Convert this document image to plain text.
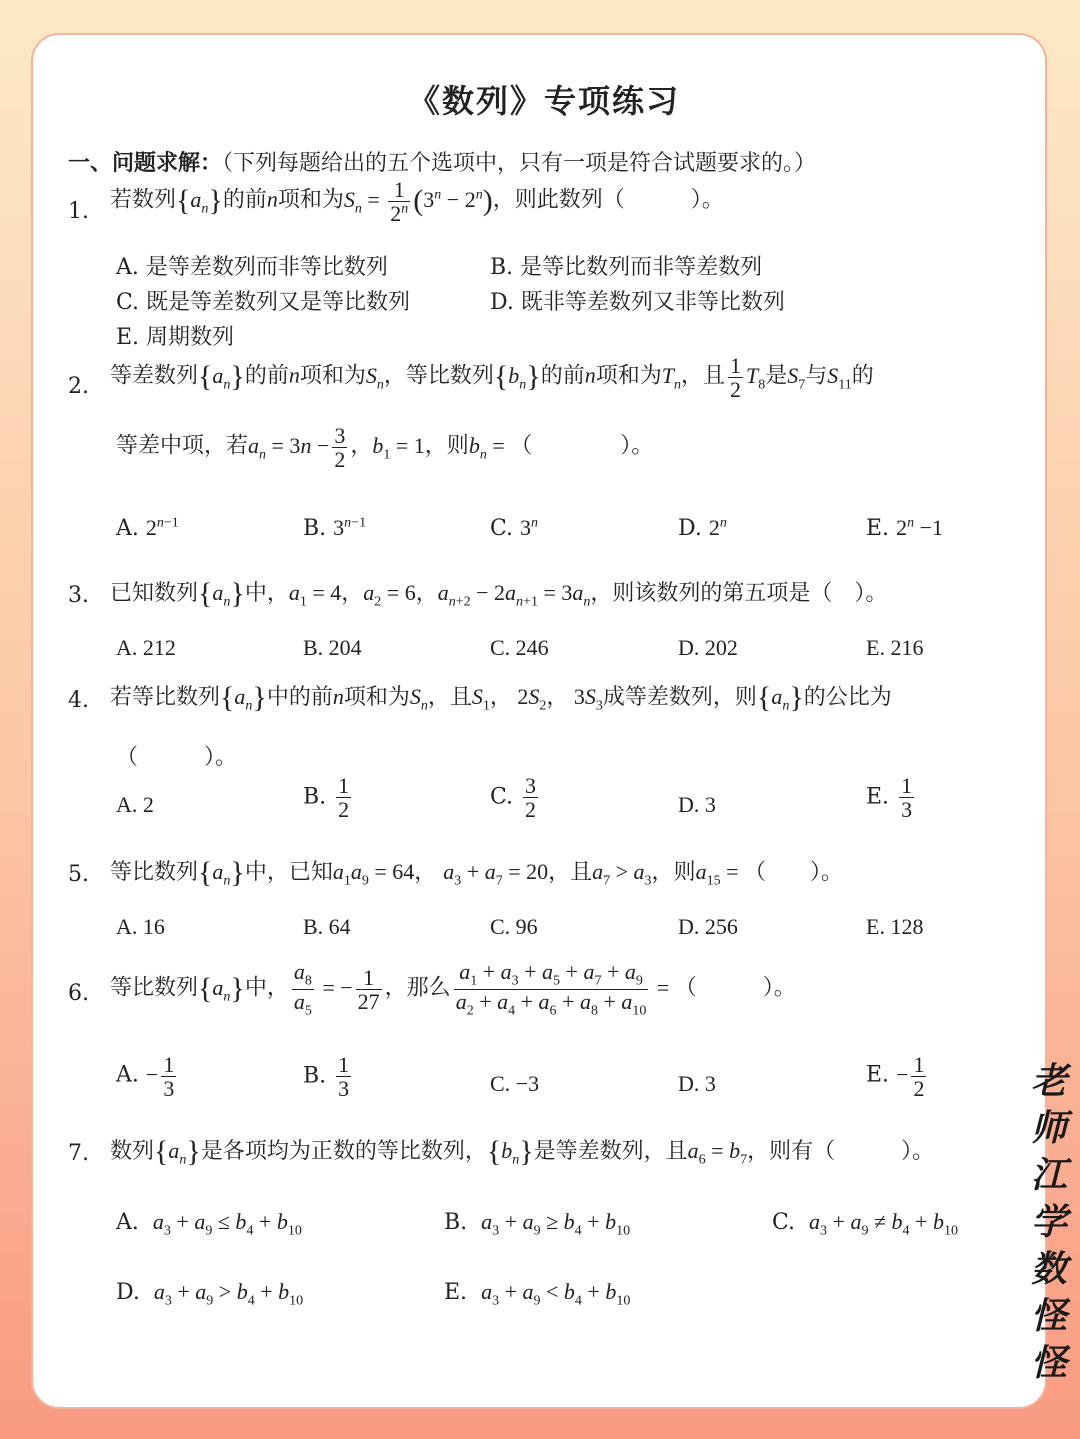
《数列》专项练习
一、问题求解：（下列每题给出的五个选项中，只有一项是符合试题要求的。）
1. 若数列$\{a_n\}$的前n项和为$S_n = \frac{1}{2^n} (3^n - 2^n)$，则此数列（　　　）。
A. 是等差数列而非等比数列	B. 是等比数列而非等差数列
C. 既是等差数列又是等比数列	D. 既非等差数列又非等比数列
E. 周期数列
2. 等差数列$\{a_n\}$的前n项和为$S_n$，等比数列$\{b_n\}$的前n项和为$T_n$，且 $\frac{1}{2} T_8$是$S_7$与$S_{11}$的
等差中项，若$a_n = 3n - \frac{3}{2}$ ，$b_1 = 1$，则$b_n$ = （　　　　）。
A. $2^{n-1}$	B. $3^{n-1}$	C. 3$^n$	D. 2$^n$	E. $2^n -1$
3. 已知数列$\{a_n\}$中，$a_1 = 4$，$a_2 = 6$，$a_{n+2} - 2a_{n+1} = 3a_n$，则该数列的第五项是（　）。
A. 212	B. 204	C. 246	D. 202	E. 216
4. 若等比数列$\{a_n\}$中的前n项和为$S_n$，且$S_1$， $2S_2$， $3S_3$成等差数列，则$\{a_n\}$的公比为
（　　　）。
A. 2	B. $\frac{1}{2}$	C. $\frac{3}{2}$	D. 3	E. $\frac{1}{3}$
5. 等比数列$\{a_n\}$中，已知$a_1a_9 = 64$， $a_3 + a_7 = 20$，且$a_7 > a_3$，则$a_{15}$ = （　　）。
A. 16	B. 64	C. 96	D. 256	E. 128
6. 等比数列$\{a_n\}$中， $\frac{a_8}{a_5}$ = − $\frac{1}{27}$ ，那么 $\frac{a_1 + a_3 + a_5 + a_7 + a_9}{a_2 + a_4 + a_6 + a_8 + a_{10}}$ = （　　　）。
A. − $\frac{1}{3}$	B. $\frac{1}{3}$	C. −3	D. 3	E. − $\frac{1}{2}$
7. 数列$\{a_n\}$是各项均为正数的等比数列，$\{b_n\}$是等差数列，且$a_6 = b_7$，则有（　　　）。
A. $a_3 + a_9 \le b_4 + b_{10}$	B. $a_3 + a_9 \ge b_4 + b_{10}$	C. $a_3 + a_9 \ne b_4 + b_{10}$
D. $a_3 + a_9 > b_4 + b_{10}$	E. $a_3 + a_9 < b_4 + b_{10}$
老
师
江
学
数
怪
怪
